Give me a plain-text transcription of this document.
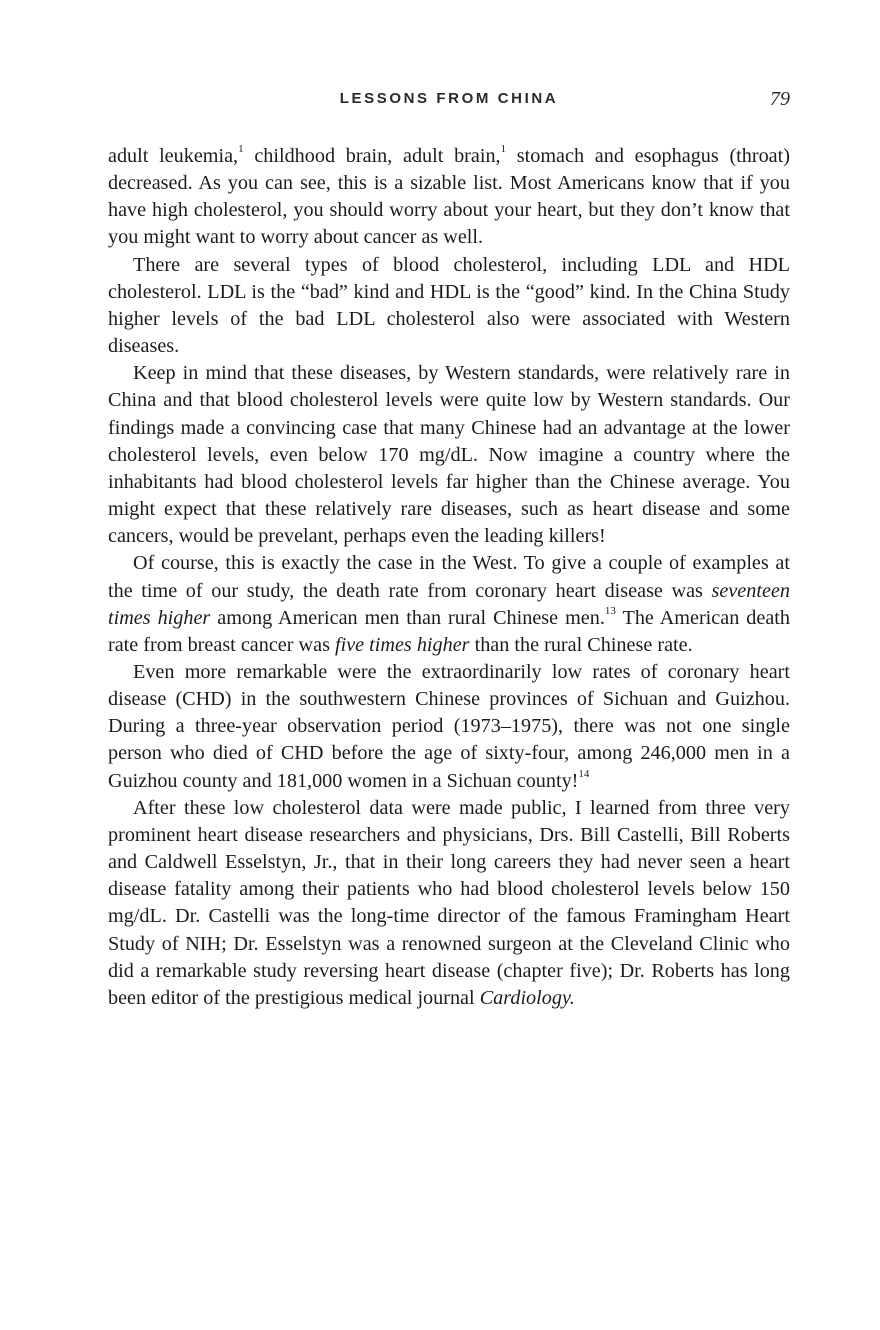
LESSONS FROM CHINA	79

adult leukemia,$^1$ childhood brain, adult brain,$^1$ stomach and esophagus (throat) decreased. As you can see, this is a sizable list. Most Americans know that if you have high cholesterol, you should worry about your heart, but they don’t know that you might want to worry about cancer as well.

There are several types of blood cholesterol, including LDL and HDL cholesterol. LDL is the “bad” kind and HDL is the “good” kind. In the China Study higher levels of the bad LDL cholesterol also were associated with Western diseases.

Keep in mind that these diseases, by Western standards, were relatively rare in China and that blood cholesterol levels were quite low by Western standards. Our findings made a convincing case that many Chinese had an advantage at the lower cholesterol levels, even below 170 mg/dL. Now imagine a country where the inhabitants had blood cholesterol levels far higher than the Chinese average. You might expect that these relatively rare diseases, such as heart disease and some cancers, would be prevelant, perhaps even the leading killers!

Of course, this is exactly the case in the West. To give a couple of examples at the time of our study, the death rate from coronary heart disease was seventeen times higher among American men than rural Chinese men.$^{13}$ The American death rate from breast cancer was five times higher than the rural Chinese rate.

Even more remarkable were the extraordinarily low rates of coronary heart disease (CHD) in the southwestern Chinese provinces of Sichuan and Guizhou. During a three-year observation period (1973–1975), there was not one single person who died of CHD before the age of sixty-four, among 246,000 men in a Guizhou county and 181,000 women in a Sichuan county!$^{14}$

After these low cholesterol data were made public, I learned from three very prominent heart disease researchers and physicians, Drs. Bill Castelli, Bill Roberts and Caldwell Esselstyn, Jr., that in their long careers they had never seen a heart disease fatality among their patients who had blood cholesterol levels below 150 mg/dL. Dr. Castelli was the long-time director of the famous Framingham Heart Study of NIH; Dr. Esselstyn was a renowned surgeon at the Cleveland Clinic who did a remarkable study reversing heart disease (chapter five); Dr. Roberts has long been editor of the prestigious medical journal Cardiology.
